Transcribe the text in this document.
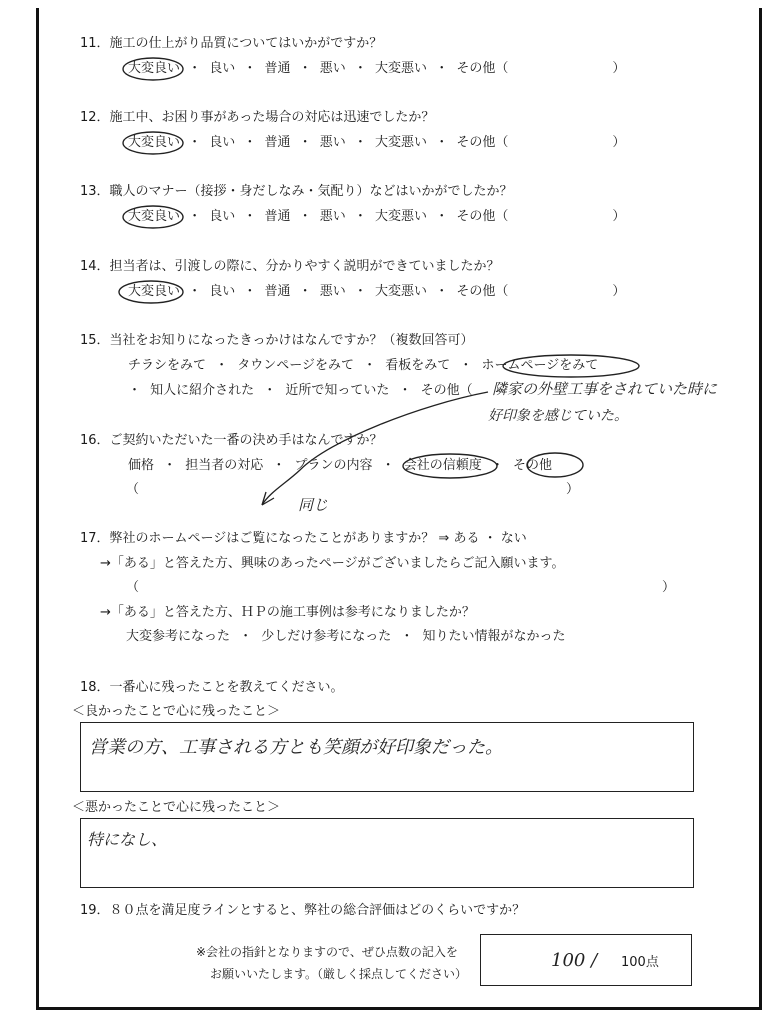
11．施工の仕上がり品質についてはいかがですか？
大変良い ・ 良い ・ 普通 ・ 悪い ・ 大変悪い ・ その他（　　　　　　　　）
12．施工中、お困り事があった場合の対応は迅速でしたか？
大変良い ・ 良い ・ 普通 ・ 悪い ・ 大変悪い ・ その他（　　　　　　　　）
13．職人のマナー（接拶・身だしなみ・気配り）などはいかがでしたか？
大変良い ・ 良い ・ 普通 ・ 悪い ・ 大変悪い ・ その他（　　　　　　　　）
14．担当者は、引渡しの際に、分かりやすく説明ができていましたか？
大変良い ・ 良い ・ 普通 ・ 悪い ・ 大変悪い ・ その他（　　　　　　　　）
15．当社をお知りになったきっかけはなんですか？（複数回答可）
チラシをみて ・ タウンページをみて ・ 看板をみて ・ ホームページをみて
・ 知人に紹介された ・ 近所で知っていた ・ その他（ 隣家の外壁工事をされていた時に
好印象を感じていた。
16．ご契約いただいた一番の決め手はなんですか？
価格 ・ 担当者の対応 ・ プランの内容 ・ 会社の信頼度 ・ その他
（	）
同じ
17．弊社のホームページはご覧になったことがありますか？ ⇒ ある ・ ない
→「ある」と答えた方、興味のあったページがございましたらご記入願います。
（	）
→「ある」と答えた方、ＨＰの施工事例は参考になりましたか？
大変参考になった ・ 少しだけ参考になった ・ 知りたい情報がなかった
18．一番心に残ったことを教えてください。
＜良かったことで心に残ったこと＞
営業の方、工事される方とも笑顔が好印象だった。
＜悪かったことで心に残ったこと＞
特になし、
19．８０点を満足度ラインとすると、弊社の総合評価はどのくらいですか？
※会社の指針となりますので、ぜひ点数の記入を
お願いいたします。（厳しく採点してください）
100 / 100点
